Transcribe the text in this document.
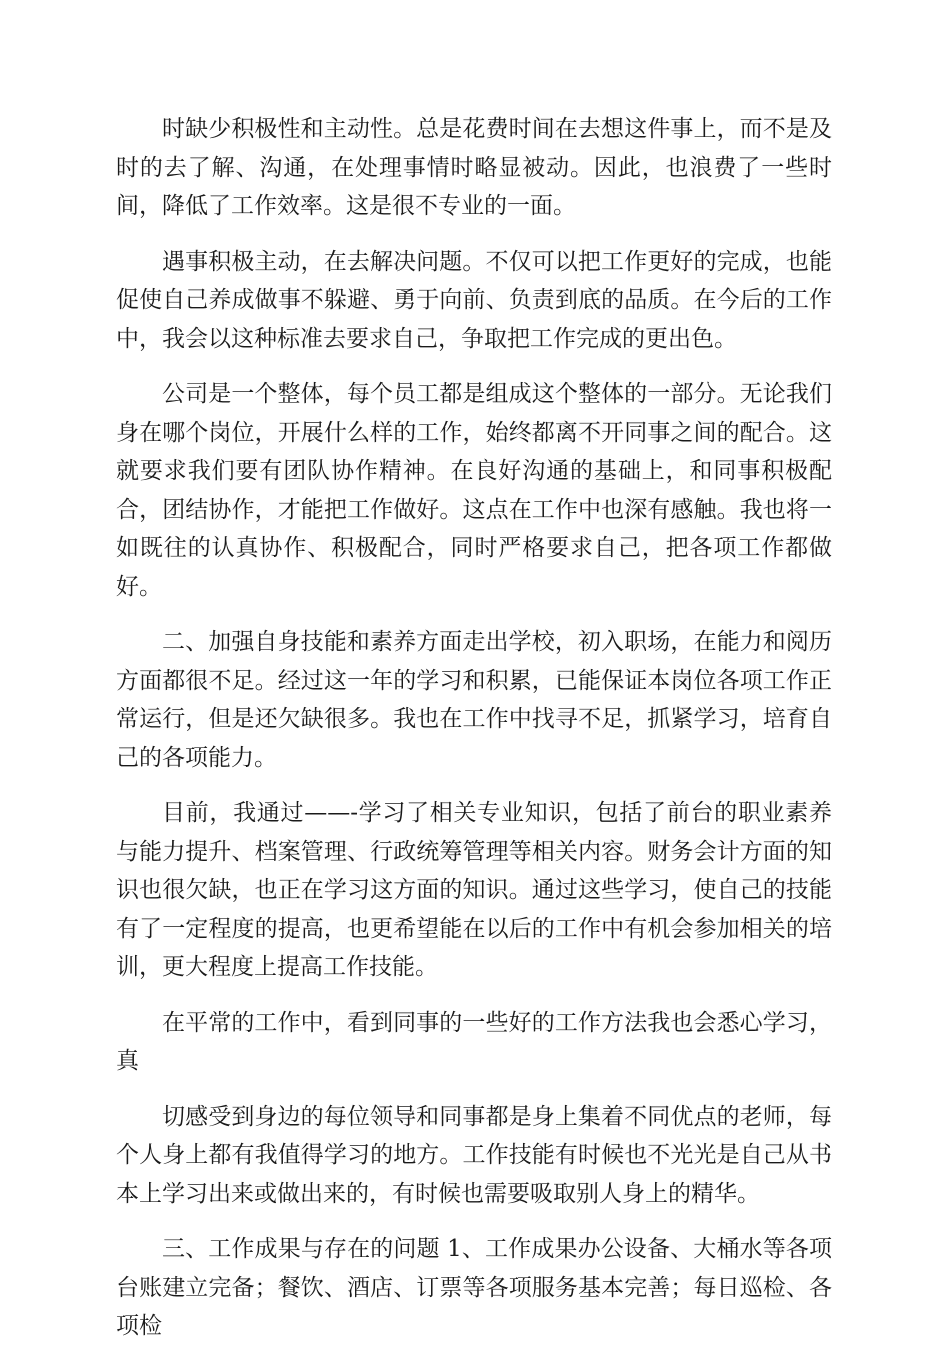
时缺少积极性和主动性。总是花费时间在去想这件事上，而不是及时的去了解、沟通，在处理事情时略显被动。因此，也浪费了一些时间，降低了工作效率。这是很不专业的一面。

遇事积极主动，在去解决问题。不仅可以把工作更好的完成，也能促使自己养成做事不躲避、勇于向前、负责到底的品质。在今后的工作中，我会以这种标准去要求自己，争取把工作完成的更出色。

公司是一个整体，每个员工都是组成这个整体的一部分。无论我们身在哪个岗位，开展什么样的工作，始终都离不开同事之间的配合。这就要求我们要有团队协作精神。在良好沟通的基础上，和同事积极配合，团结协作，才能把工作做好。这点在工作中也深有感触。我也将一如既往的认真协作、积极配合，同时严格要求自己，把各项工作都做好。

二、加强自身技能和素养方面走出学校，初入职场，在能力和阅历方面都很不足。经过这一年的学习和积累，已能保证本岗位各项工作正常运行，但是还欠缺很多。我也在工作中找寻不足，抓紧学习，培育自己的各项能力。

目前，我通过——-学习了相关专业知识，包括了前台的职业素养与能力提升、档案管理、行政统筹管理等相关内容。财务会计方面的知识也很欠缺，也正在学习这方面的知识。通过这些学习，使自己的技能有了一定程度的提高，也更希望能在以后的工作中有机会参加相关的培训，更大程度上提高工作技能。

在平常的工作中，看到同事的一些好的工作方法我也会悉心学习，真

切感受到身边的每位领导和同事都是身上集着不同优点的老师，每个人身上都有我值得学习的地方。工作技能有时候也不光光是自己从书本上学习出来或做出来的，有时候也需要吸取别人身上的精华。

三、工作成果与存在的问题 1、工作成果办公设备、大桶水等各项台账建立完备；餐饮、酒店、订票等各项服务基本完善；每日巡检、各项检
